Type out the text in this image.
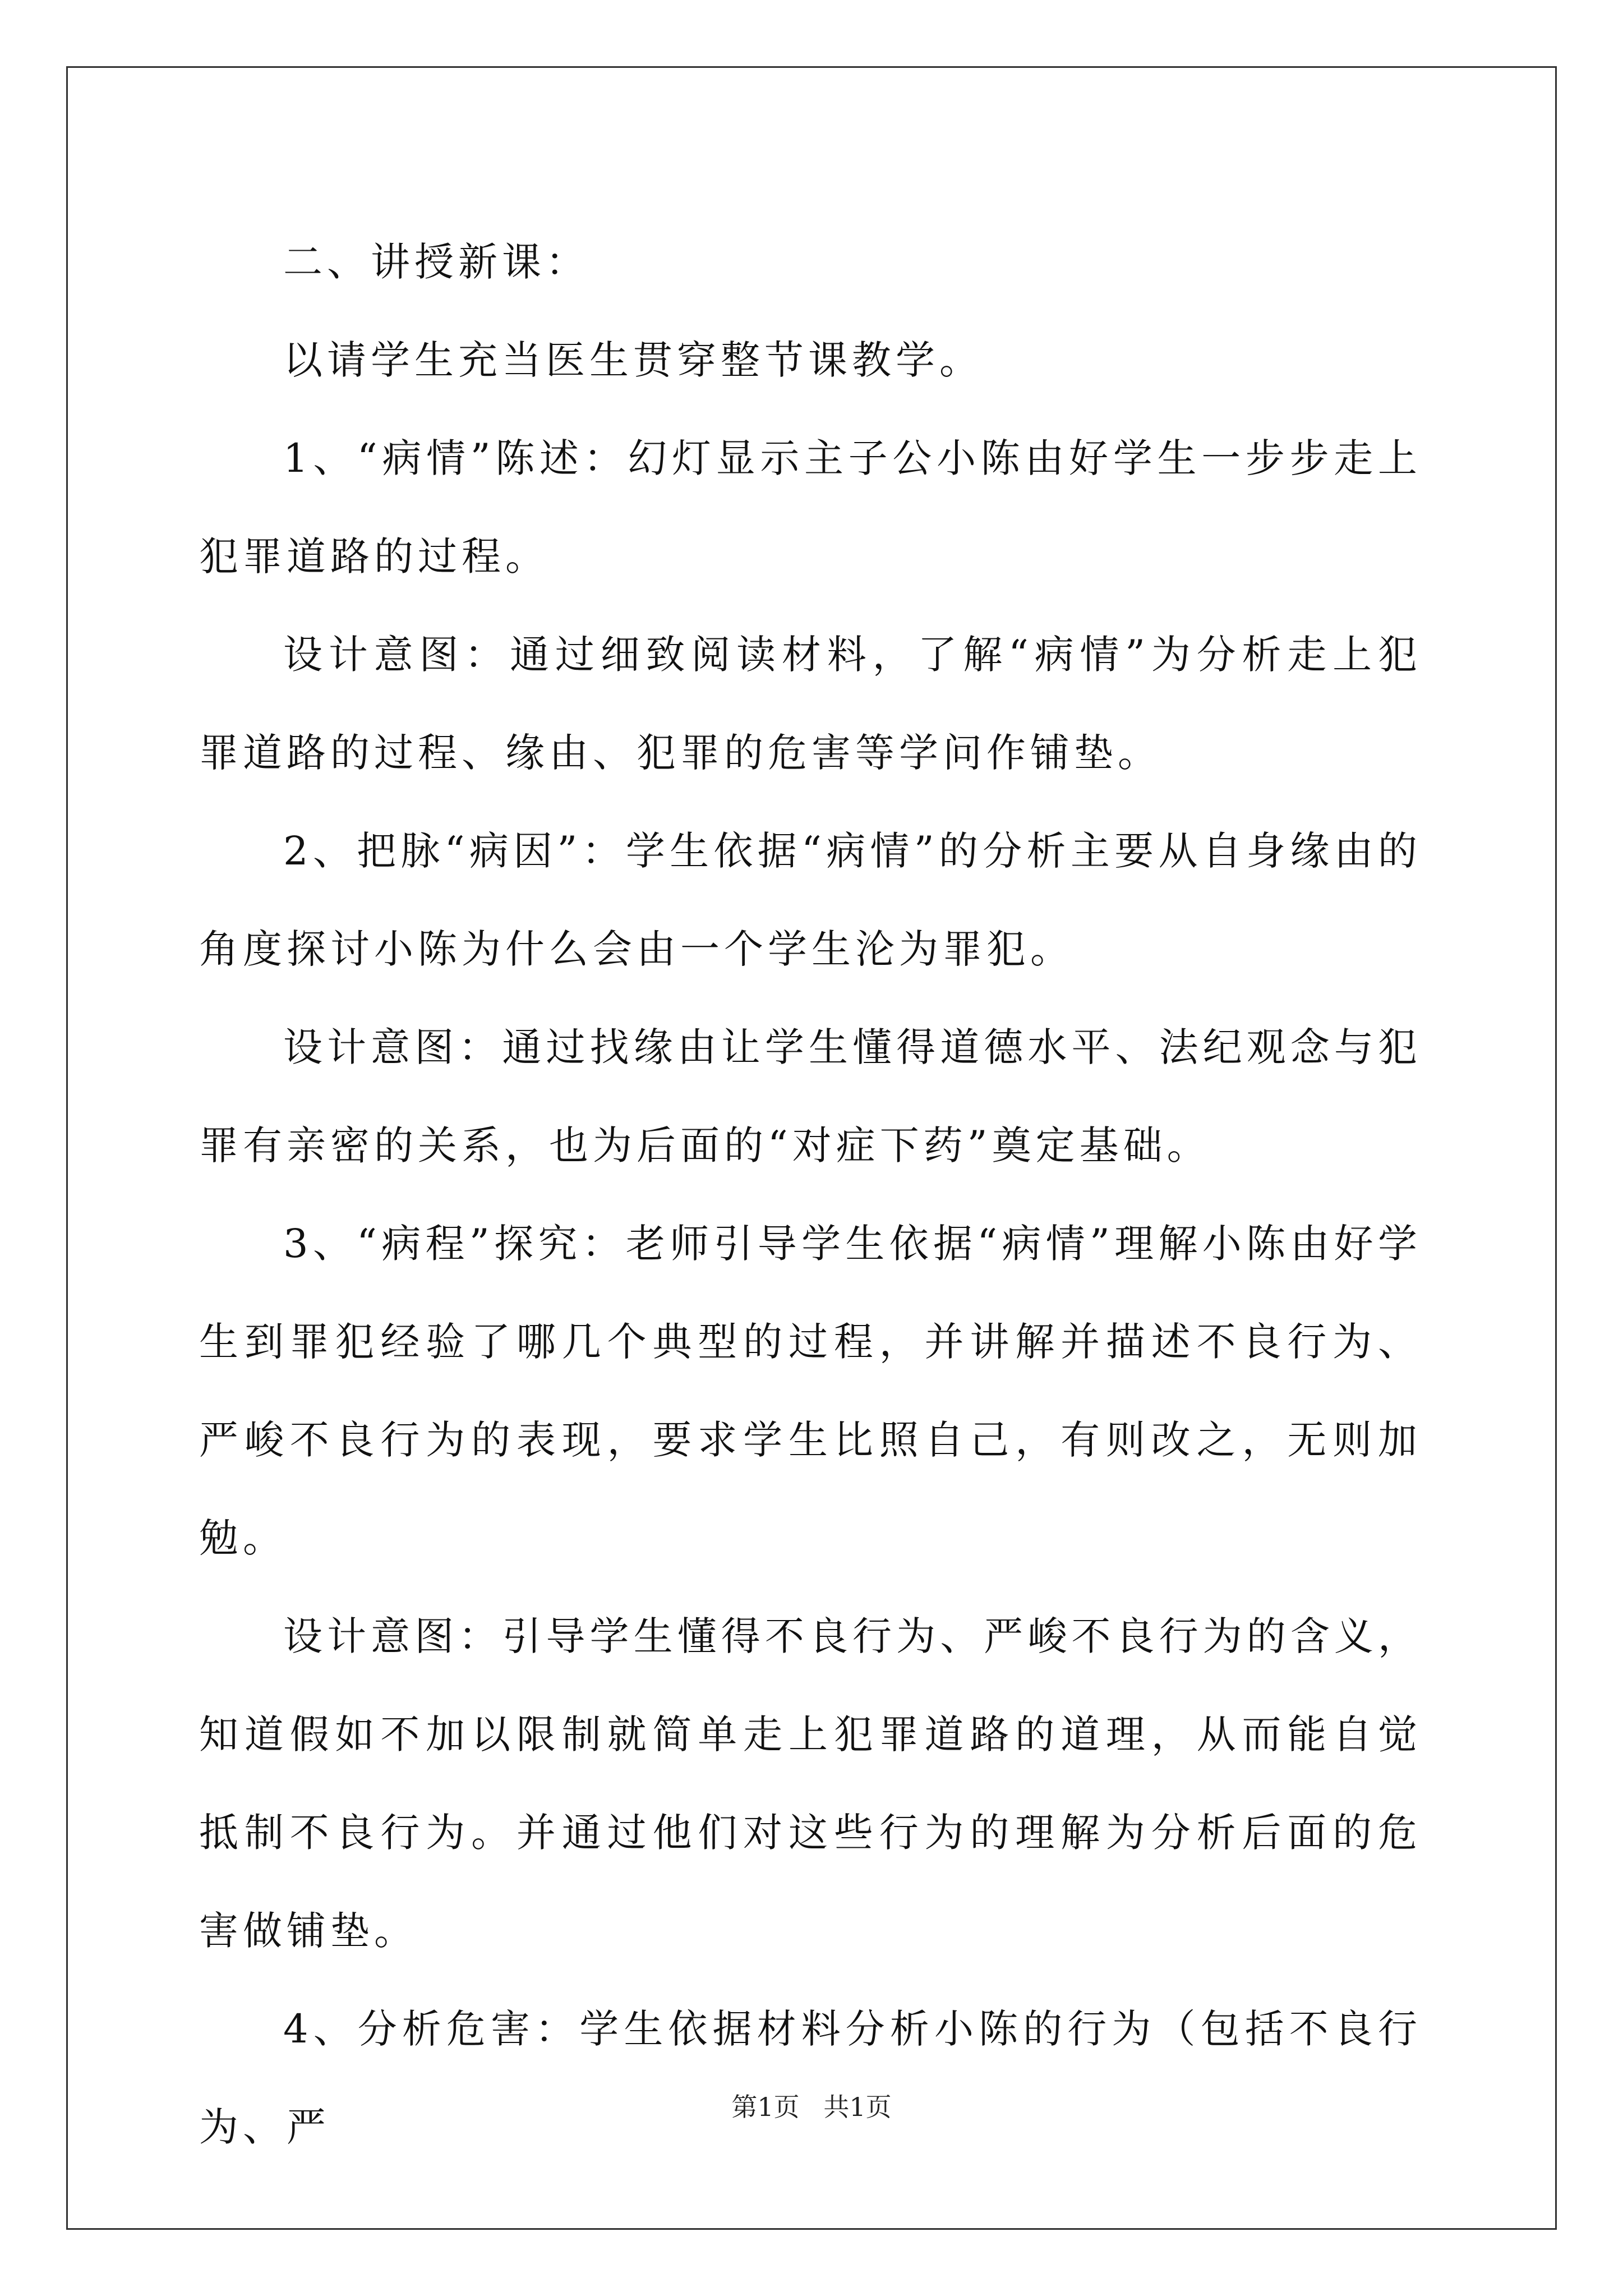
二、讲授新课：

以请学生充当医生贯穿整节课教学。

1、“病情”陈述：幻灯显示主子公小陈由好学生一步步走上犯罪道路的过程。

设计意图：通过细致阅读材料，了解“病情”为分析走上犯罪道路的过程、缘由、犯罪的危害等学问作铺垫。

2、把脉“病因”：学生依据“病情”的分析主要从自身缘由的角度探讨小陈为什么会由一个学生沦为罪犯。

设计意图：通过找缘由让学生懂得道德水平、法纪观念与犯罪有亲密的关系，也为后面的“对症下药”奠定基础。

3、“病程”探究：老师引导学生依据“病情”理解小陈由好学生到罪犯经验了哪几个典型的过程，并讲解并描述不良行为、严峻不良行为的表现，要求学生比照自己，有则改之，无则加勉。

设计意图：引导学生懂得不良行为、严峻不良行为的含义，知道假如不加以限制就简单走上犯罪道路的道理，从而能自觉抵制不良行为。并通过他们对这些行为的理解为分析后面的危害做铺垫。

4、分析危害：学生依据材料分析小陈的行为（包括不良行为、严	第1页 共1页
